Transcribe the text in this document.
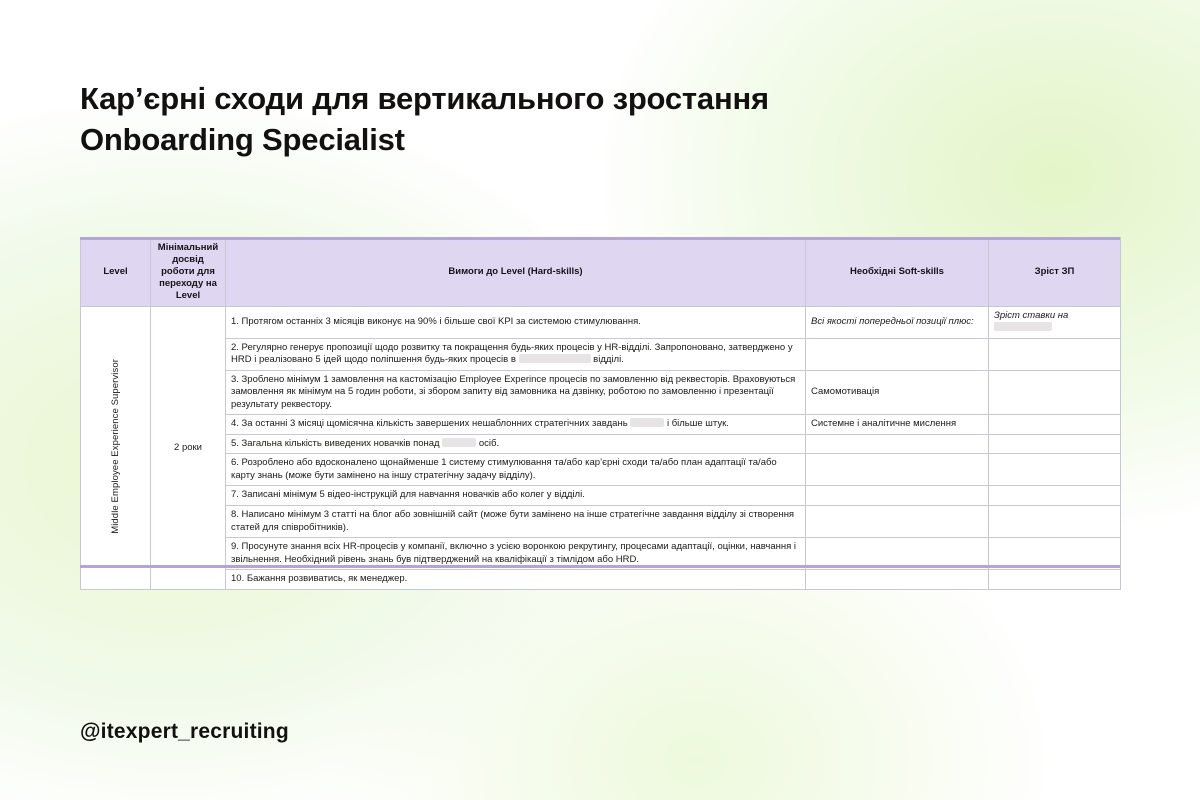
Кар’єрні сходи для вертикального зростання Onboarding Specialist
Level	Мінімальний досвід роботи для переходу на Level	Вимоги до Level (Hard-skills)	Необхідні Soft-skills	Зріст ЗП
Middle Employee Experience Supervisor	2 роки	1. Протягом останніх 3 місяців виконує на 90% і більше свої KPI за системою стимулювання.	Всі якості попередньої позиції плюс:	Зріст ставки на
		2. Регулярно генерує пропозиції щодо розвитку та покращення будь-яких процесів у HR-відділі. Запропоновано, затверджено у HRD і реалізовано 5 ідей щодо поліпшення будь-яких процесів в відділі.		
		3. Зроблено мінімум 1 замовлення на кастомізацію Employee Experince процесів по замовленню від реквесторів. Враховуються замовлення як мінімум на 5 годин роботи, зі збором запиту від замовника на дзвінку, роботою по замовленню і презентації результату реквестору.	Самомотивація	
		4. За останні 3 місяці щомісячна кількість завершених нешаблонних стратегічних завдань і більше штук.	Системне і аналітичне мислення	
		5. Загальна кількість виведених новачків понад осіб.		
		6. Розроблено або вдосконалено щонайменше 1 систему стимулювання та/або кар’єрні сходи та/або план адаптації та/або карту знань (може бути замінено на іншу стратегічну задачу відділу).		
		7. Записані мінімум 5 відео-інструкцій для навчання новачків або колег у відділі.		
		8. Написано мінімум 3 статті на блог або зовнішній сайт (може бути замінено на інше стратегічне завдання відділу зі створення статей для співробітників).		
		9. Просунуте знання всіх HR-процесів у компанії, включно з усією воронкою рекрутингу, процесами адаптації, оцінки, навчання і звільнення. Необхідний рівень знань був підтверджений на кваліфікації з тімлідом або HRD.		
		10. Бажання розвиватись, як менеджер.		
@itexpert_recruiting
